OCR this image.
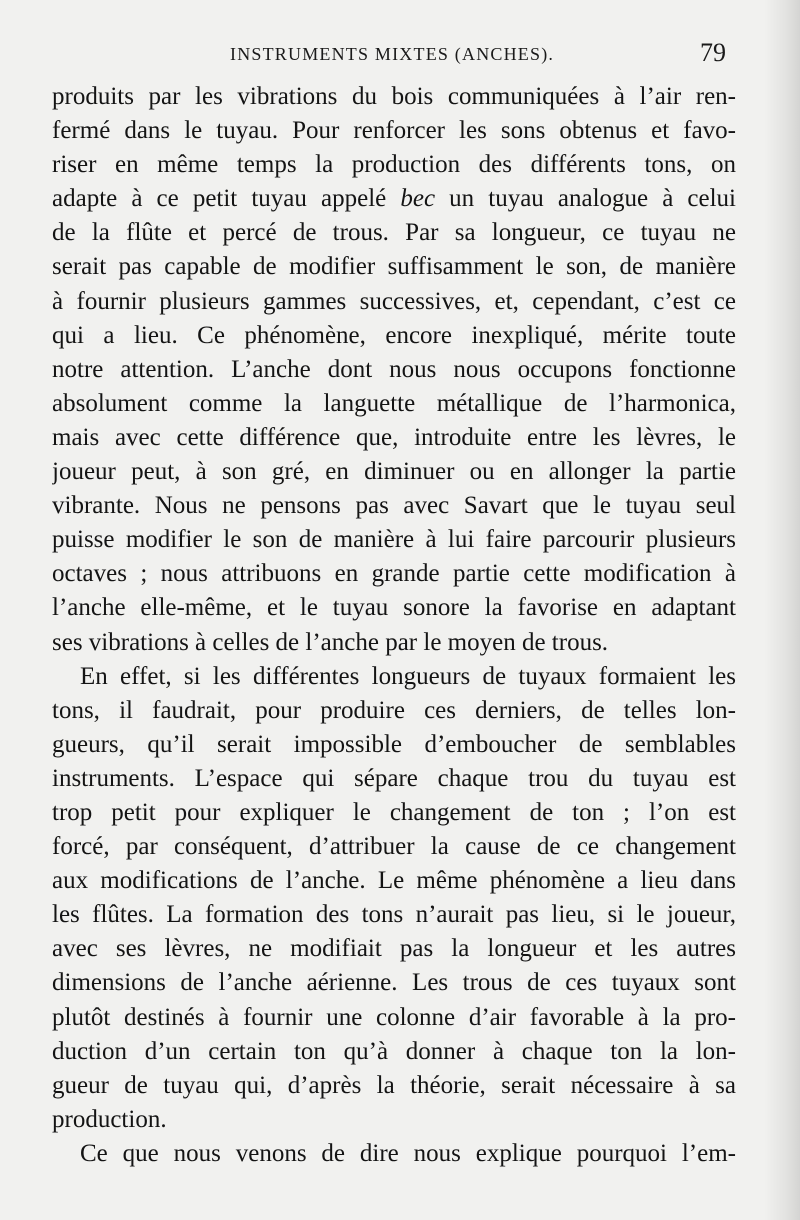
INSTRUMENTS MIXTES (ANCHES).	79
produits par les vibrations du bois communiquées à l’air ren-
fermé dans le tuyau. Pour renforcer les sons obtenus et favo-
riser en même temps la production des différents tons, on
adapte à ce petit tuyau appelé bec un tuyau analogue à celui
de la flûte et percé de trous. Par sa longueur, ce tuyau ne
serait pas capable de modifier suffisamment le son, de manière
à fournir plusieurs gammes successives, et, cependant, c’est ce
qui a lieu. Ce phénomène, encore inexpliqué, mérite toute
notre attention. L’anche dont nous nous occupons fonctionne
absolument comme la languette métallique de l’harmonica,
mais avec cette différence que, introduite entre les lèvres, le
joueur peut, à son gré, en diminuer ou en allonger la partie
vibrante. Nous ne pensons pas avec Savart que le tuyau seul
puisse modifier le son de manière à lui faire parcourir plusieurs
octaves ; nous attribuons en grande partie cette modification à
l’anche elle-même, et le tuyau sonore la favorise en adaptant
ses vibrations à celles de l’anche par le moyen de trous.
En effet, si les différentes longueurs de tuyaux formaient les
tons, il faudrait, pour produire ces derniers, de telles lon-
gueurs, qu’il serait impossible d’emboucher de semblables
instruments. L’espace qui sépare chaque trou du tuyau est
trop petit pour expliquer le changement de ton ; l’on est
forcé, par conséquent, d’attribuer la cause de ce changement
aux modifications de l’anche. Le même phénomène a lieu dans
les flûtes. La formation des tons n’aurait pas lieu, si le joueur,
avec ses lèvres, ne modifiait pas la longueur et les autres
dimensions de l’anche aérienne. Les trous de ces tuyaux sont
plutôt destinés à fournir une colonne d’air favorable à la pro-
duction d’un certain ton qu’à donner à chaque ton la lon-
gueur de tuyau qui, d’après la théorie, serait nécessaire à sa
production.
Ce que nous venons de dire nous explique pourquoi l’em-
